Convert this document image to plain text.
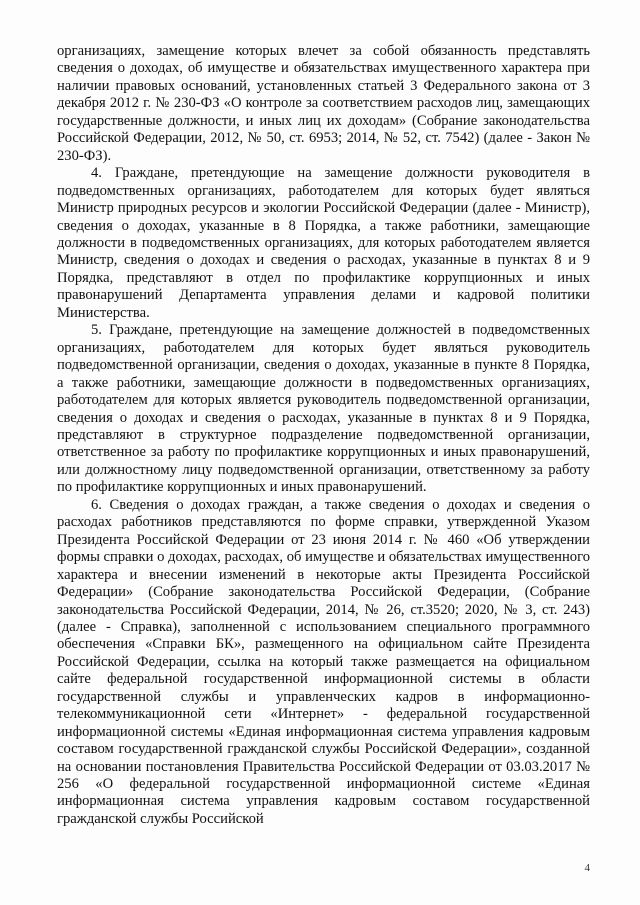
организациях, замещение которых влечет за собой обязанность представлять сведения о доходах, об имуществе и обязательствах имущественного характера при наличии правовых оснований, установленных статьей 3 Федерального закона от 3 декабря 2012 г. № 230-ФЗ «О контроле за соответствием расходов лиц, замещающих государственные должности, и иных лиц их доходам» (Собрание законодательства Российской Федерации, 2012, № 50, ст. 6953; 2014, № 52, ст. 7542) (далее - Закон № 230-ФЗ).

4. Граждане, претендующие на замещение должности руководителя в подведомственных организациях, работодателем для которых будет являться Министр природных ресурсов и экологии Российской Федерации (далее - Министр), сведения о доходах, указанные в 8 Порядка, а также работники, замещающие должности в подведомственных организациях, для которых работодателем является Министр, сведения о доходах и сведения о расходах, указанные в пунктах 8 и 9 Порядка, представляют в отдел по профилактике коррупционных и иных правонарушений Департамента управления делами и кадровой политики Министерства.

5. Граждане, претендующие на замещение должностей в подведомственных организациях, работодателем для которых будет являться руководитель подведомственной организации, сведения о доходах, указанные в пункте 8 Порядка, а также работники, замещающие должности в подведомственных организациях, работодателем для которых является руководитель подведомственной организации, сведения о доходах и сведения о расходах, указанные в пунктах 8 и 9 Порядка, представляют в структурное подразделение подведомственной организации, ответственное за работу по профилактике коррупционных и иных правонарушений, или должностному лицу подведомственной организации, ответственному за работу по профилактике коррупционных и иных правонарушений.

6. Сведения о доходах граждан, а также сведения о доходах и сведения о расходах работников представляются по форме справки, утвержденной Указом Президента Российской Федерации от 23 июня 2014 г. № 460 «Об утверждении формы справки о доходах, расходах, об имуществе и обязательствах имущественного характера и внесении изменений в некоторые акты Президента Российской Федерации» (Собрание законодательства Российской Федерации, (Собрание законодательства Российской Федерации, 2014, № 26, ст.3520; 2020, № 3, ст. 243) (далее - Справка), заполненной с использованием специального программного обеспечения «Справки БК», размещенного на официальном сайте Президента Российской Федерации, ссылка на который также размещается на официальном сайте федеральной государственной информационной системы в области государственной службы и управленческих кадров в информационно-телекоммуникационной сети «Интернет» - федеральной государственной информационной системы «Единая информационная система управления кадровым составом государственной гражданской службы Российской Федерации», созданной на основании постановления Правительства Российской Федерации от 03.03.2017 № 256 «О федеральной государственной информационной системе «Единая информационная система управления кадровым составом государственной гражданской службы Российской

4
